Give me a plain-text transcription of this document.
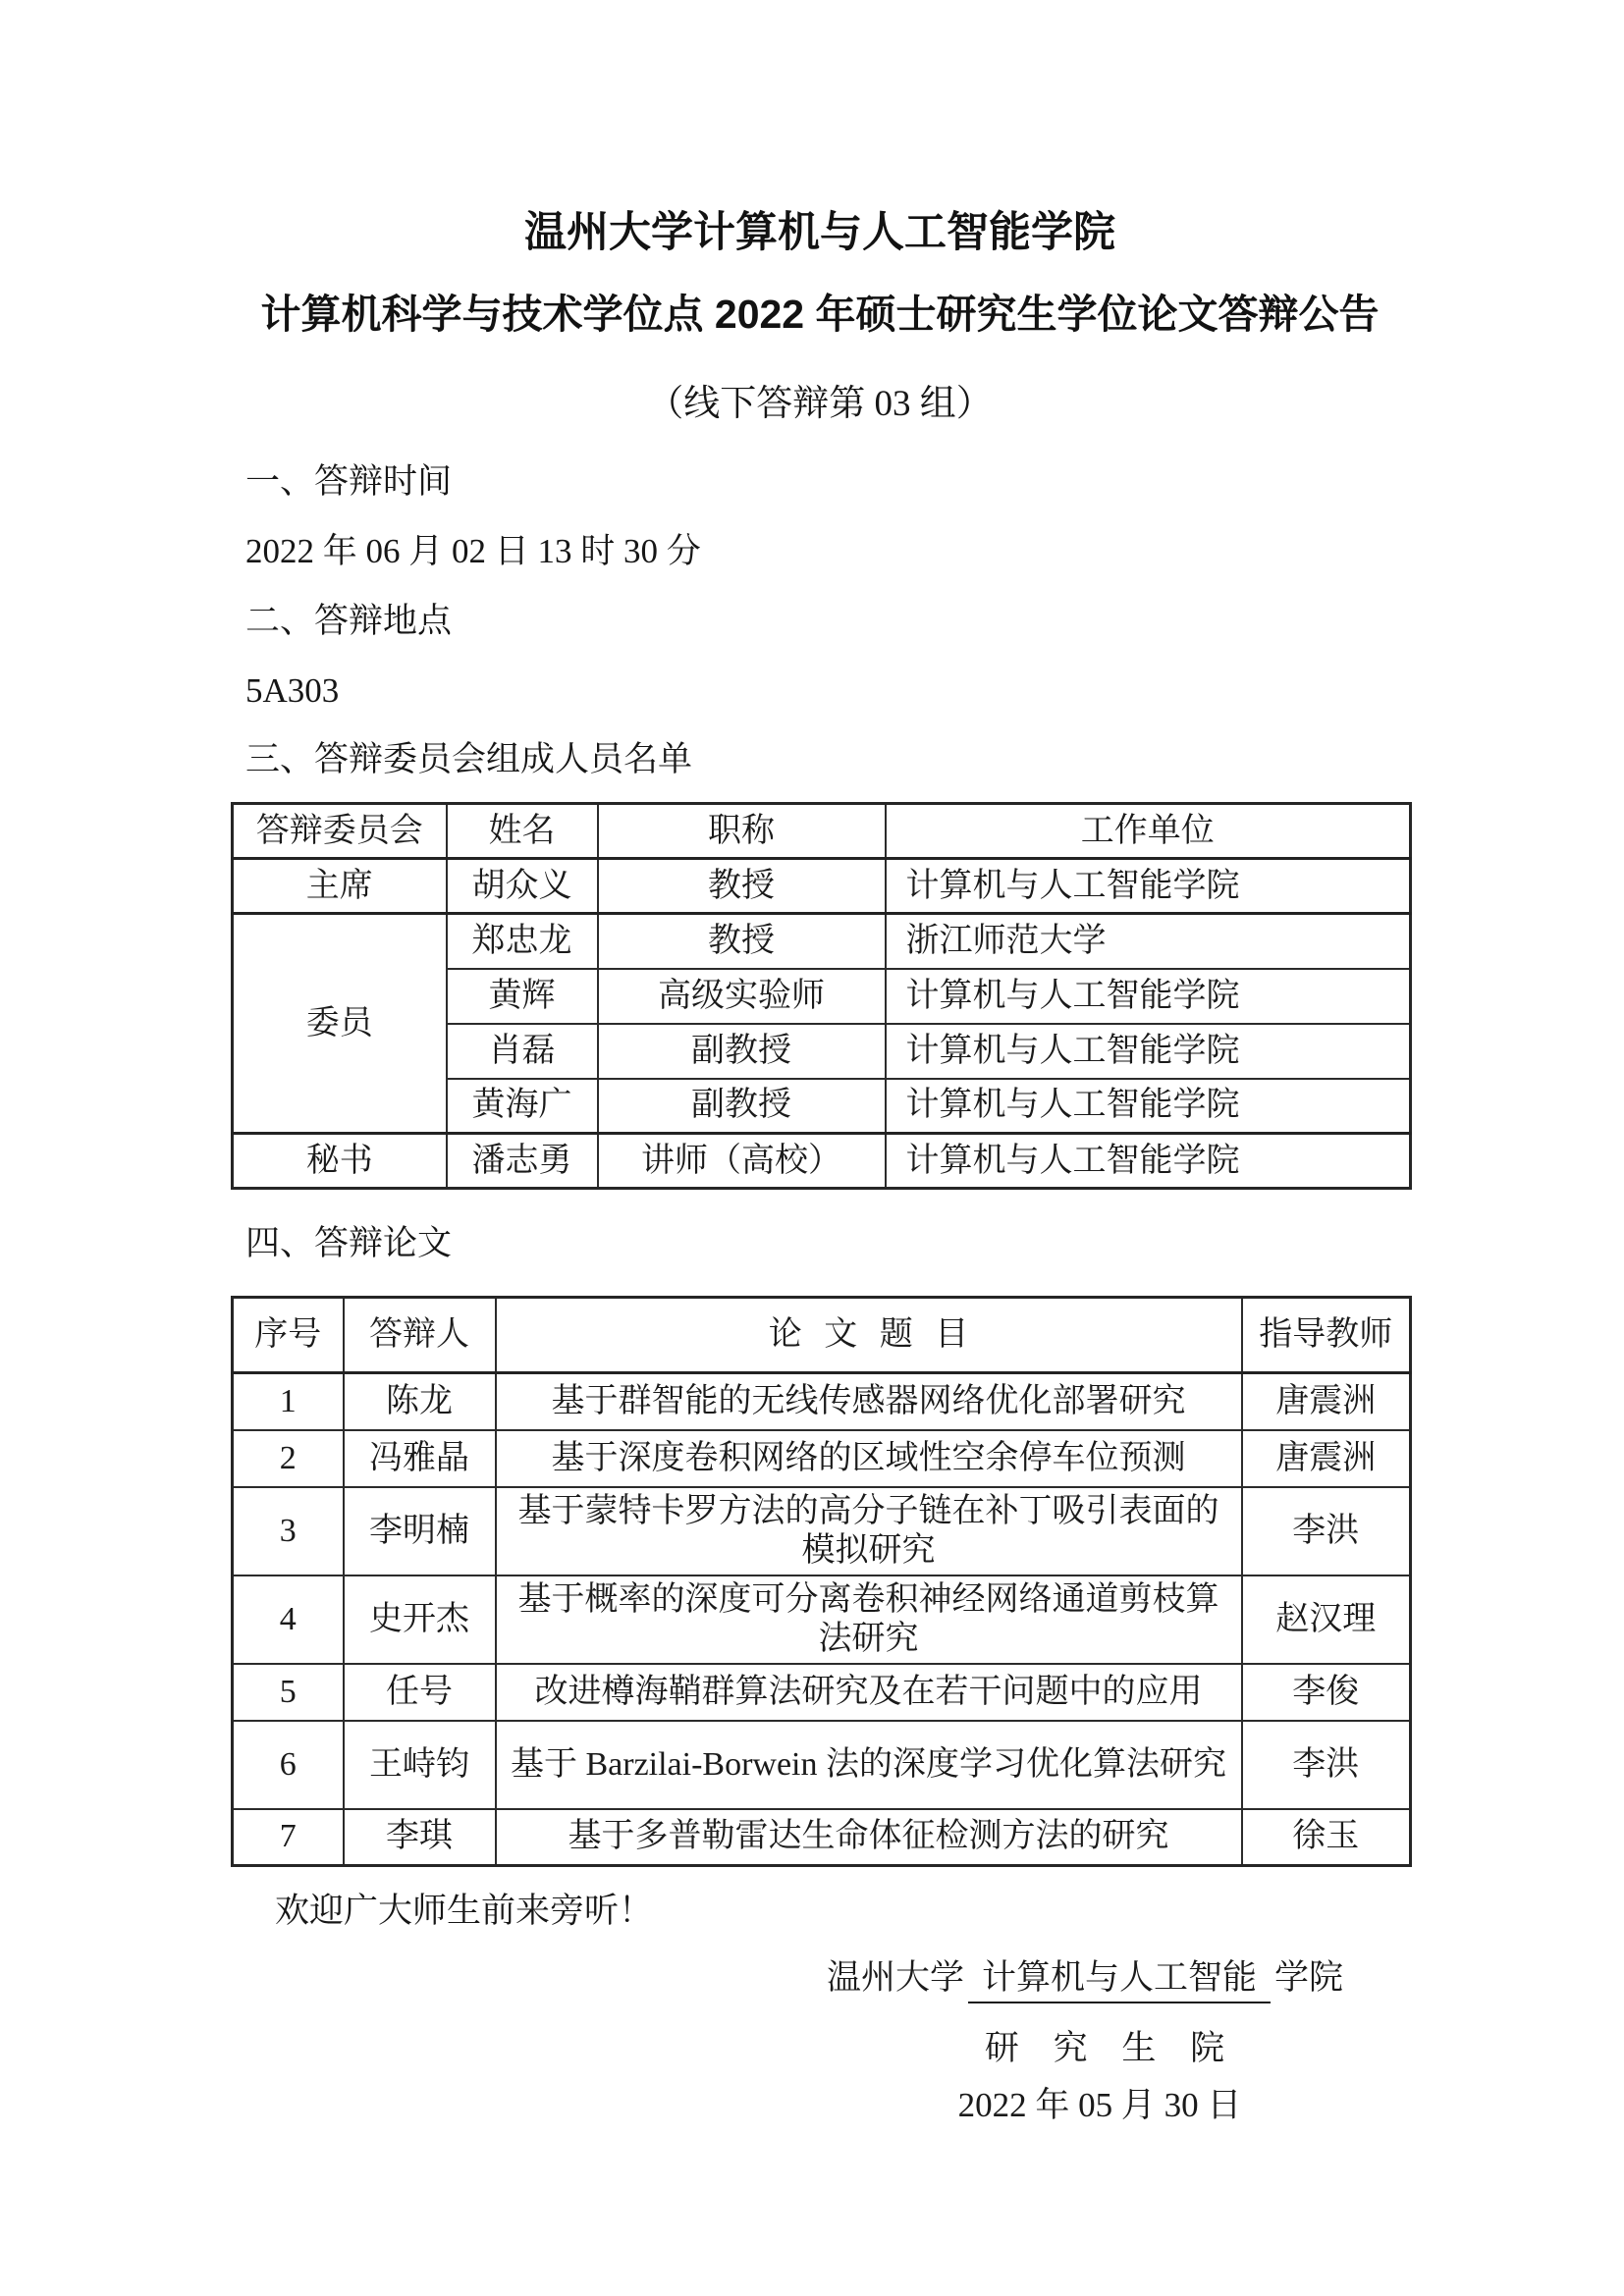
温州大学计算机与人工智能学院
计算机科学与技术学位点 2022 年硕士研究生学位论文答辩公告
（线下答辩第 03 组）
一、答辩时间
2022 年 06 月 02 日 13 时 30 分
二、答辩地点
5A303
三、答辩委员会组成人员名单
答辩委员会	姓名	职称	工作单位
主席	胡众义	教授	计算机与人工智能学院
委员	郑忠龙	教授	浙江师范大学
	黄辉	高级实验师	计算机与人工智能学院
	肖磊	副教授	计算机与人工智能学院
	黄海广	副教授	计算机与人工智能学院
秘书	潘志勇	讲师（高校）	计算机与人工智能学院
四、答辩论文
序号	答辩人	论 文 题 目	指导教师
1	陈龙	基于群智能的无线传感器网络优化部署研究	唐震洲
2	冯雅晶	基于深度卷积网络的区域性空余停车位预测	唐震洲
3	李明楠	基于蒙特卡罗方法的高分子链在补丁吸引表面的模拟研究	李洪
4	史开杰	基于概率的深度可分离卷积神经网络通道剪枝算法研究	赵汉理
5	任号	改进樽海鞘群算法研究及在若干问题中的应用	李俊
6	王峙钧	基于 Barzilai-Borwein 法的深度学习优化算法研究	李洪
7	李琪	基于多普勒雷达生命体征检测方法的研究	徐玉
欢迎广大师生前来旁听！
温州大学 计算机与人工智能 学院
研 究 生 院
2022 年 05 月 30 日
